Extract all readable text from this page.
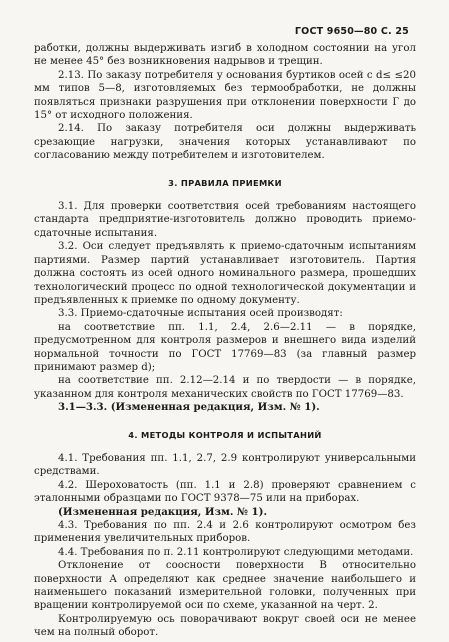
ГОСТ 9650—80 С. 25

работки, должны выдерживать изгиб в холодном состоянии на угол не менее 45° без возникновения надрывов и трещин.

2.13. По заказу потребителя у основания буртиков осей с d≤ ≤20 мм типов 5—8, изготовляемых без термообработки, не должны появляться признаки разрушения при отклонении поверхности Г до 15° от исходного положения.

2.14. По заказу потребителя оси должны выдерживать срезающие нагрузки, значения которых устанавливают по согласованию между потребителем и изготовителем.

3. ПРАВИЛА ПРИЕМКИ

3.1. Для проверки соответствия осей требованиям настоящего стандарта предприятие-изготовитель должно проводить приемо-сдаточные испытания.

3.2. Оси следует предъявлять к приемо-сдаточным испытаниям партиями. Размер партий устанавливает изготовитель. Партия должна состоять из осей одного номинального размера, прошедших технологический процесс по одной технологической документации и предъявленных к приемке по одному документу.

3.3. Приемо-сдаточные испытания осей производят:

на соответствие пп. 1.1, 2.4, 2.6—2.11 — в порядке, предусмотренном для контроля размеров и внешнего вида изделий нормальной точности по ГОСТ 17769—83 (за главный размер принимают размер d);

на соответствие пп. 2.12—2.14 и по твердости — в порядке, указанном для контроля механических свойств по ГОСТ 17769—83.

3.1—3.3. (Измененная редакция, Изм. № 1).

4. МЕТОДЫ КОНТРОЛЯ И ИСПЫТАНИЙ

4.1. Требования пп. 1.1, 2.7, 2.9 контролируют универсальными средствами.

4.2. Шероховатость (пп. 1.1 и 2.8) проверяют сравнением с эталонными образцами по ГОСТ 9378—75 или на приборах.

(Измененная редакция, Изм. № 1).

4.3. Требования по пп. 2.4 и 2.6 контролируют осмотром без применения увеличительных приборов.

4.4. Требования по п. 2.11 контролируют следующими методами.

Отклонение от соосности поверхности В относительно поверхности А определяют как среднее значение наибольшего и наименьшего показаний измерительной головки, полученных при вращении контролируемой оси по схеме, указанной на черт. 2.

Контролируемую ось поворачивают вокруг своей оси не менее чем на полный оборот.
